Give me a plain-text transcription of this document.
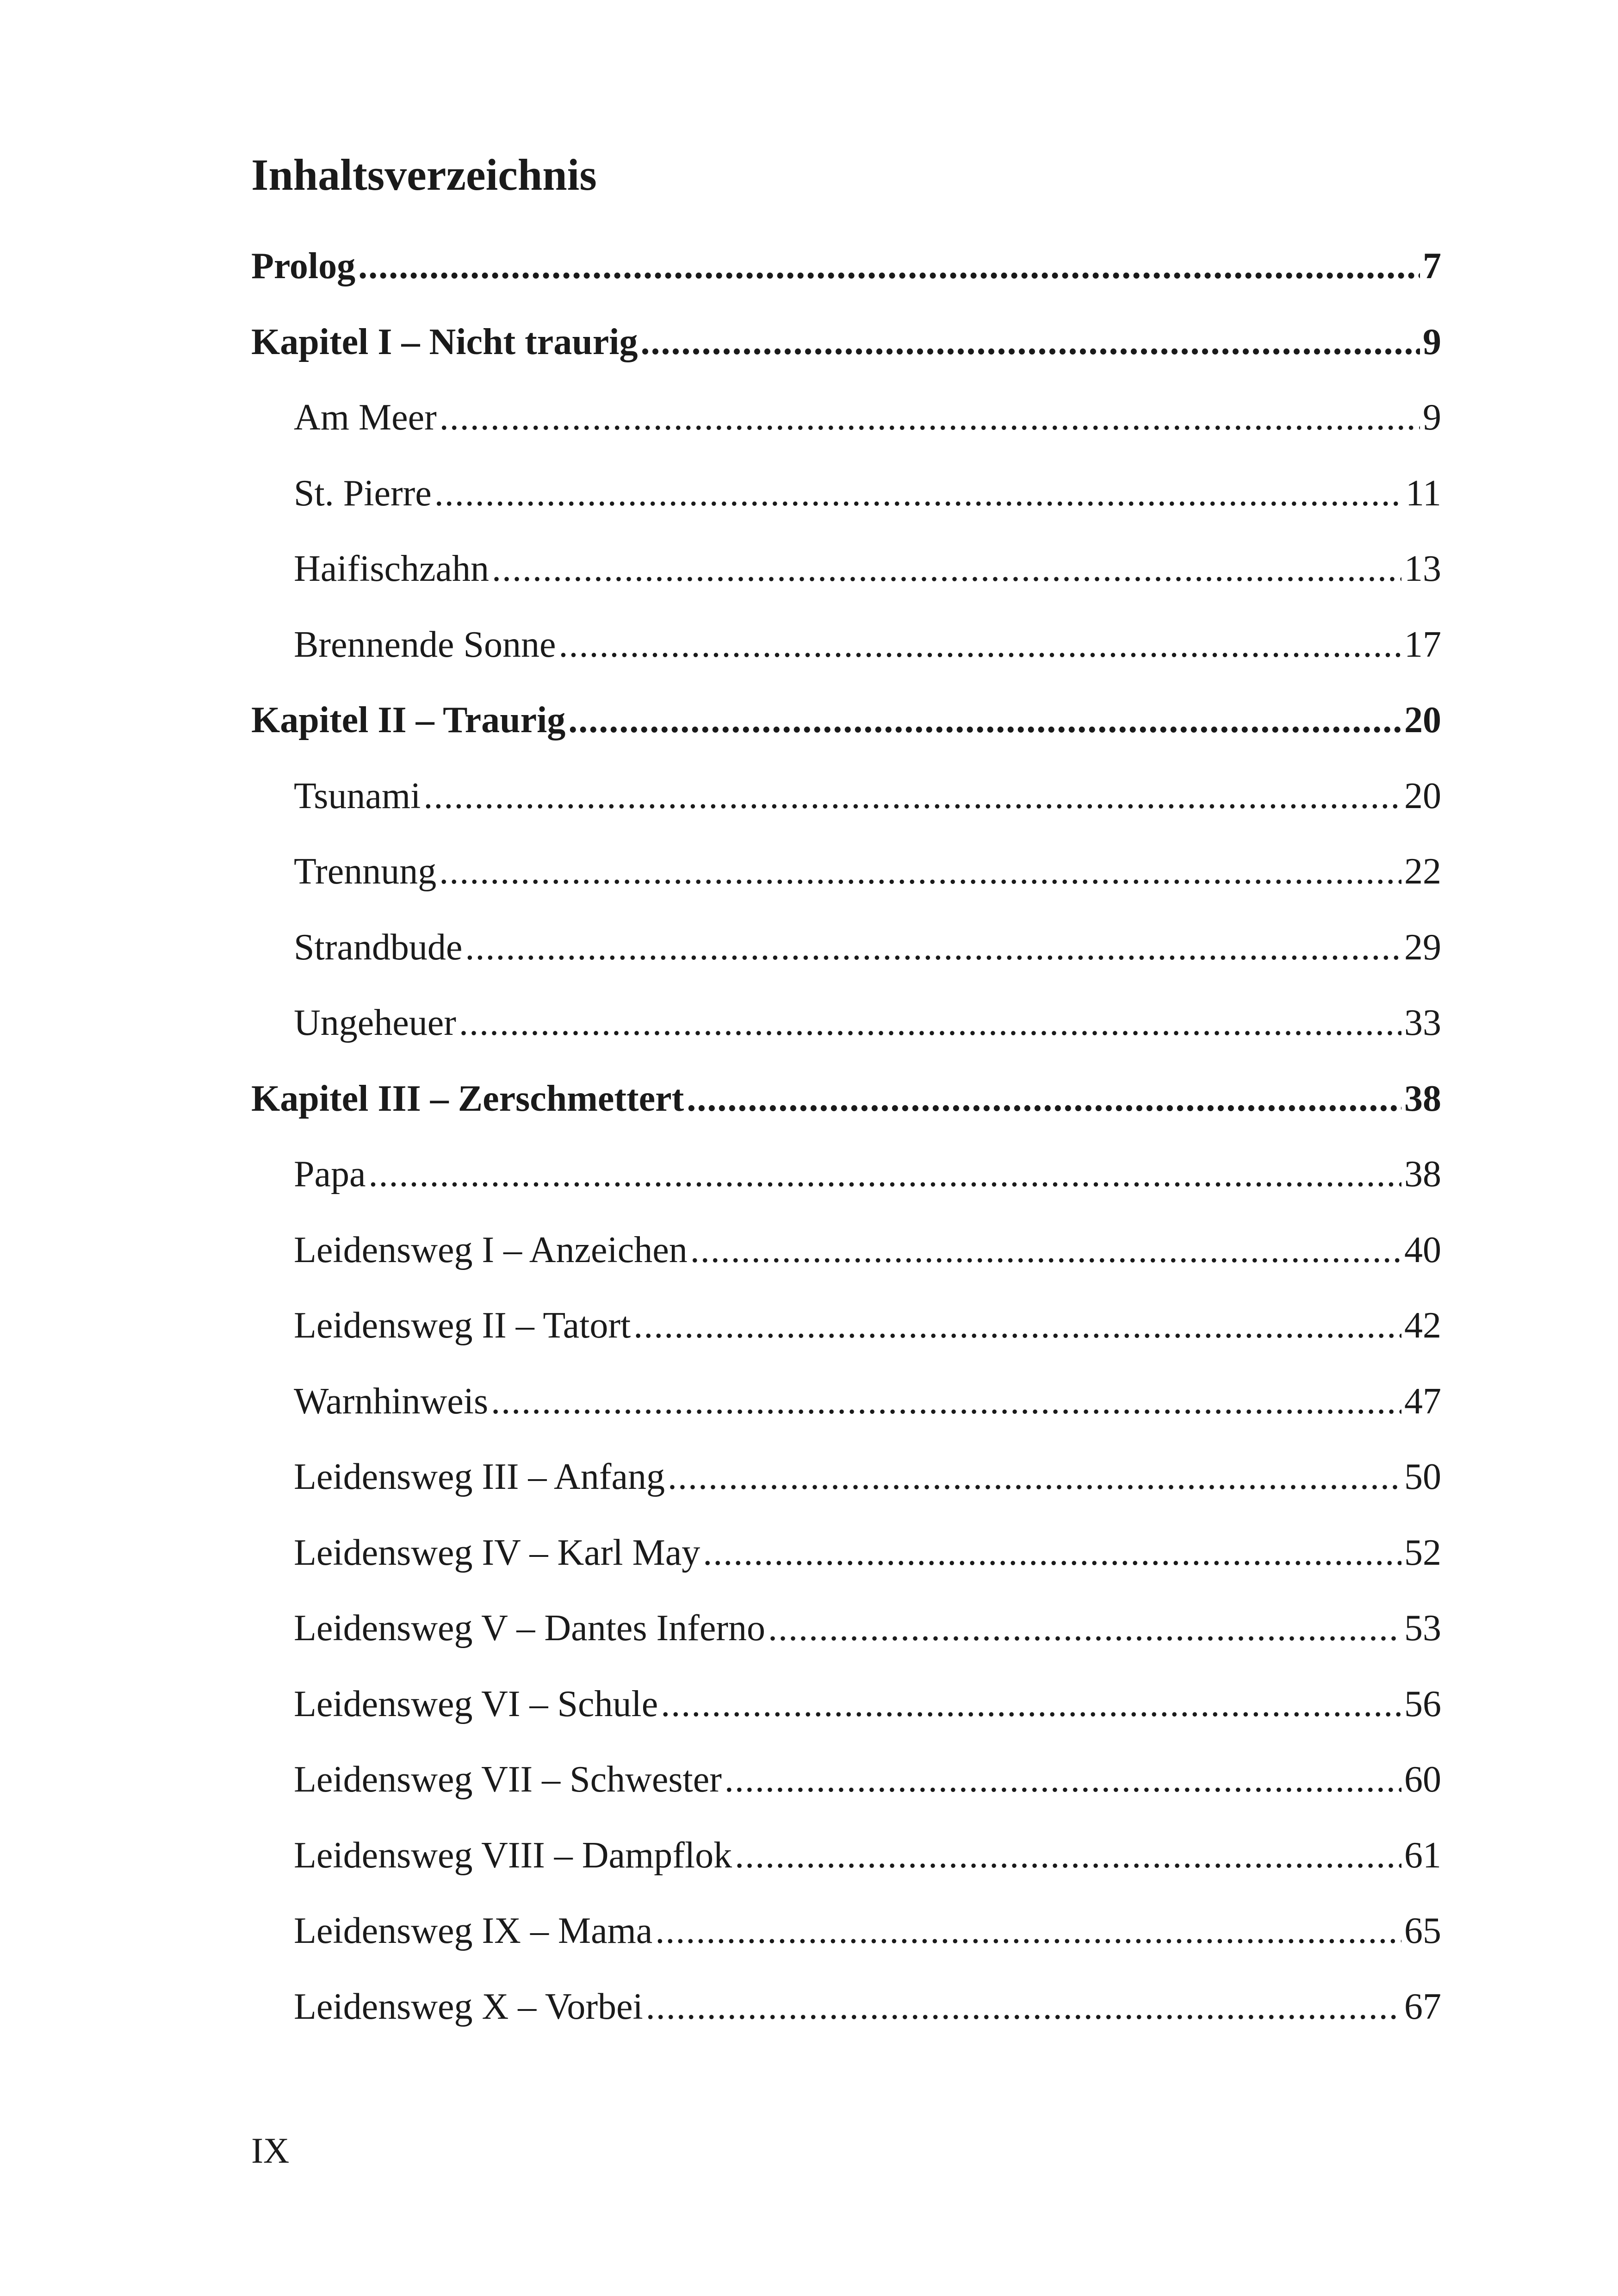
Inhaltsverzeichnis
Prolog .....	7
Kapitel I – Nicht traurig .....	9
Am Meer .....	9
St. Pierre .....	11
Haifischzahn .....	13
Brennende Sonne .....	17
Kapitel II – Traurig .....	20
Tsunami .....	20
Trennung .....	22
Strandbude .....	29
Ungeheuer .....	33
Kapitel III – Zerschmettert .....	38
Papa .....	38
Leidensweg I – Anzeichen .....	40
Leidensweg II – Tatort .....	42
Warnhinweis .....	47
Leidensweg III – Anfang .....	50
Leidensweg IV – Karl May .....	52
Leidensweg V – Dantes Inferno .....	53
Leidensweg VI – Schule .....	56
Leidensweg VII – Schwester .....	60
Leidensweg VIII – Dampflok .....	61
Leidensweg IX – Mama .....	65
Leidensweg X – Vorbei .....	67
IX
